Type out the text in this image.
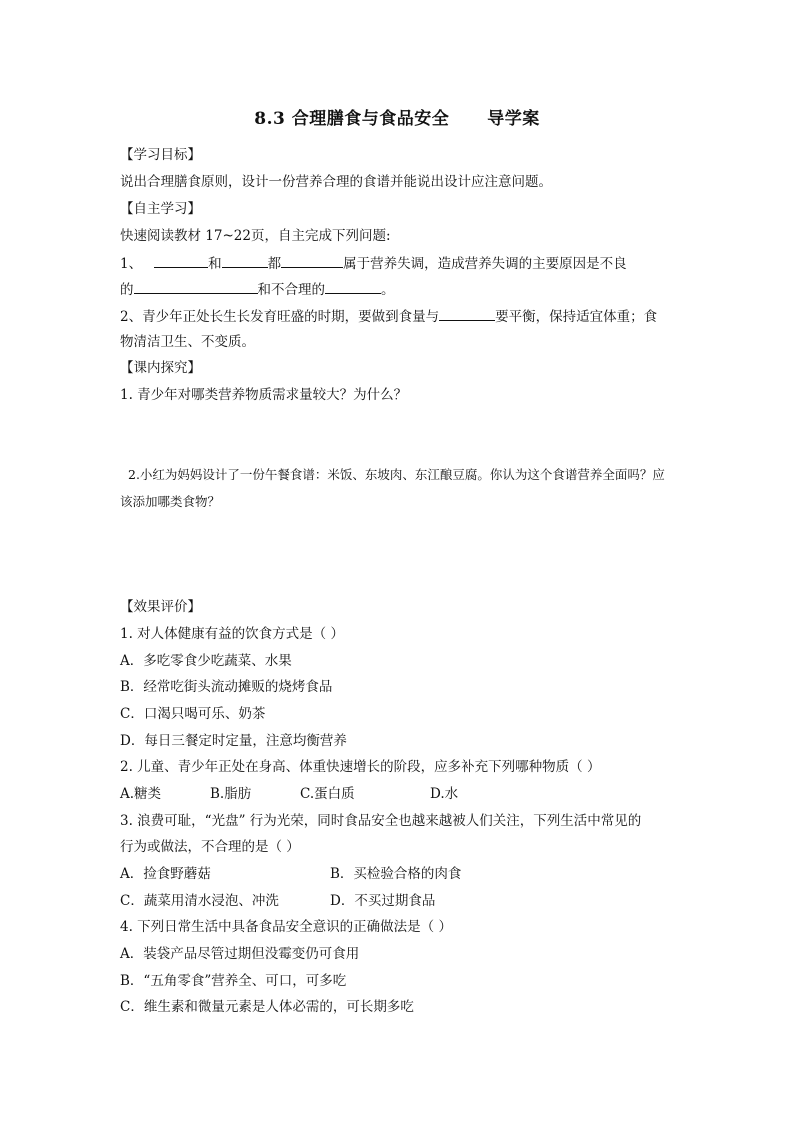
8.3 合理膳食与食品安全 导学案
【学习目标】
说出合理膳食原则，设计一份营养合理的食谱并能说出设计应注意问题。
【自主学习】
快速阅读教材 17~22页，自主完成下列问题:
1、	和	都	属于营养失调，造成营养失调的主要原因是不良
的	和不合理的	。
2、青少年正处长生长发育旺盛的时期，要做到食量与	要平衡，保持适宜体重；食
物清洁卫生、不变质。
【课内探究】
1. 青少年对哪类营养物质需求量较大？为什么？
2.小红为妈妈设计了一份午餐食谱：米饭、东坡肉、东江酿豆腐。你认为这个食谱营养全面吗？应
该添加哪类食物？
【效果评价】
1. 对人体健康有益的饮食方式是（ ）
A．多吃零食少吃蔬菜、水果
B．经常吃街头流动摊贩的烧烤食品
C．口渴只喝可乐、奶茶
D．每日三餐定时定量，注意均衡营养
2. 儿童、青少年正处在身高、体重快速增长的阶段，应多补充下列哪种物质（ ）
A.糖类	B.脂肪	C.蛋白质	D.水
3. 浪费可耻，“光盘” 行为光荣，同时食品安全也越来越被人们关注，下列生活中常见的
行为或做法，不合理的是（ ）
A．捡食野蘑菇	B．买检验合格的肉食
C．蔬菜用清水浸泡、冲洗	D．不买过期食品
4. 下列日常生活中具备食品安全意识的正确做法是（ ）
A．装袋产品尽管过期但没霉变仍可食用
B．“五角零食”营养全、可口，可多吃
C．维生素和微量元素是人体必需的，可长期多吃
